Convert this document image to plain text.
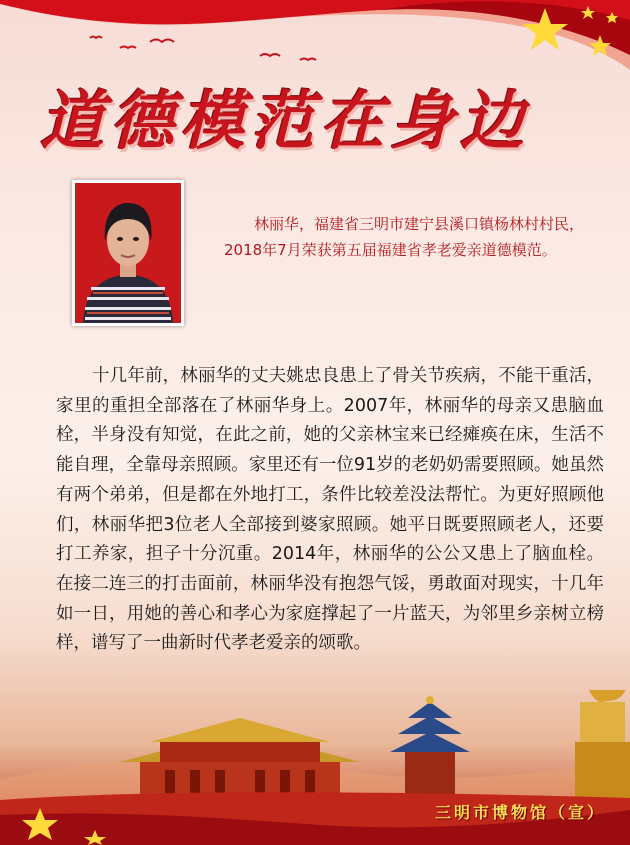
道德模范在身边
林丽华，福建省三明市建宁县溪口镇杨林村村民，2018年7月荣获第五届福建省孝老爱亲道德模范。
十几年前，林丽华的丈夫姚忠良患上了骨关节疾病，不能干重活，家里的重担全部落在了林丽华身上。2007年，林丽华的母亲又患脑血栓，半身没有知觉，在此之前，她的父亲林宝来已经瘫痪在床，生活不能自理，全靠母亲照顾。家里还有一位91岁的老奶奶需要照顾。她虽然有两个弟弟，但是都在外地打工，条件比较差没法帮忙。为更好照顾他们，林丽华把3位老人全部接到婆家照顾。她平日既要照顾老人，还要打工养家，担子十分沉重。2014年，林丽华的公公又患上了脑血栓。在接二连三的打击面前，林丽华没有抱怨气馁，勇敢面对现实，十几年如一日，用她的善心和孝心为家庭撑起了一片蓝天，为邻里乡亲树立榜样，谱写了一曲新时代孝老爱亲的颂歌。
三明市博物馆（宣）
